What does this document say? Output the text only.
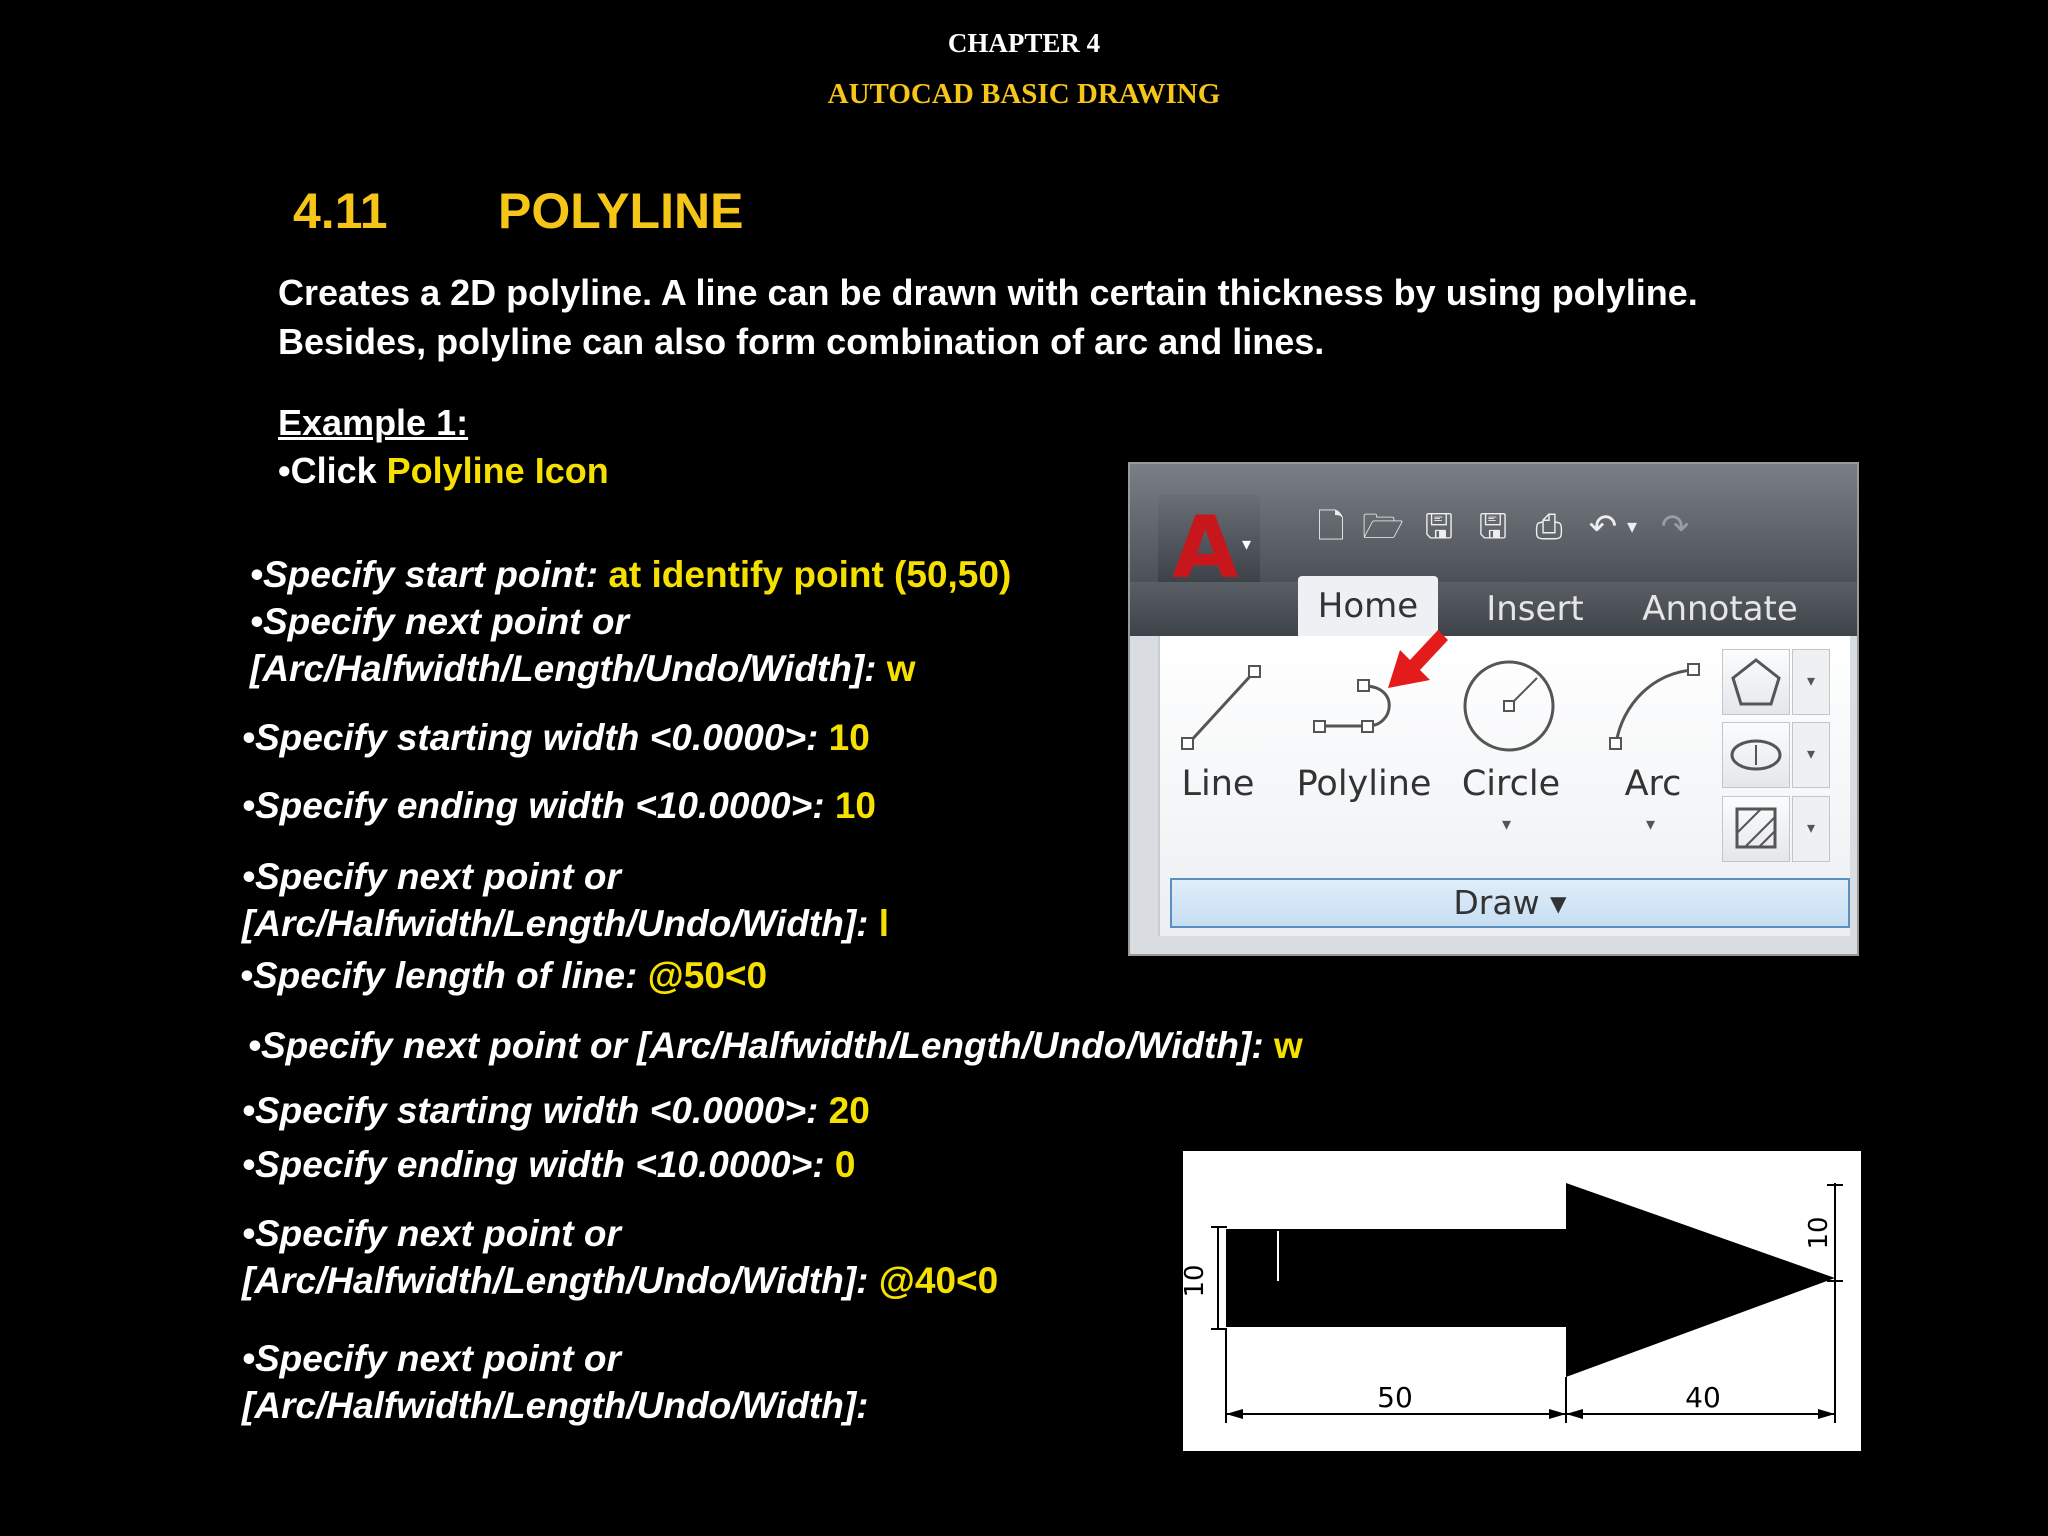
CHAPTER 4
AUTOCAD BASIC DRAWING
4.11 POLYLINE
Creates a 2D polyline. A line can be drawn with certain thickness by using polyline.
Besides, polyline can also form combination of arc and lines.
Example 1:
•Click Polyline Icon
•Specify start point: at identify point (50,50)
•Specify next point or
[Arc/Halfwidth/Length/Undo/Width]: w
•Specify starting width <0.0000>: 10
•Specify ending width <10.0000>: 10
•Specify next point or
[Arc/Halfwidth/Length/Undo/Width]: l
•Specify length of line: @50<0
•Specify next point or [Arc/Halfwidth/Length/Undo/Width]: w
•Specify starting width <0.0000>: 20
•Specify ending width <10.0000>: 0
•Specify next point or
[Arc/Halfwidth/Length/Undo/Width]: @40<0
•Specify next point or
[Arc/Halfwidth/Length/Undo/Width]:
A ▾ 🗋 🗁 🖫 🖫 ⎙ ↶ ▾ ↷
Home	Insert	Annotate
Line	Polyline Circle
▾
Arc
▾
▾
▾
▾
Draw ▾
10
50	40
10
